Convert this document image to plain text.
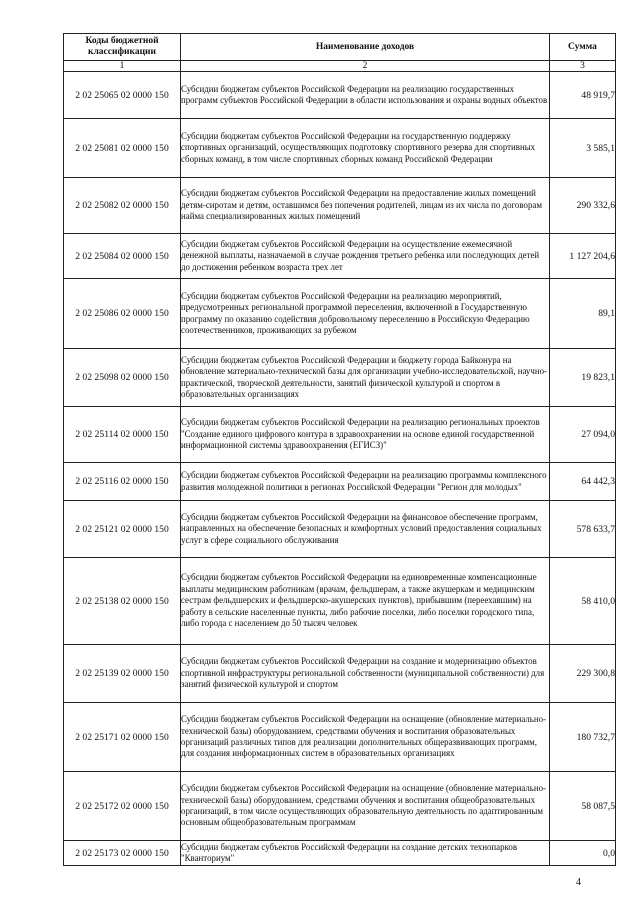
Коды бюджетной классификации	Наименование доходов	Сумма
1	2	3
2 02 25065 02 0000 150	Субсидии бюджетам субъектов Российской Федерации на реализацию государственных программ субъектов Российской Федерации в области использования и охраны водных объектов	48 919,7
2 02 25081 02 0000 150	Субсидии бюджетам субъектов Российской Федерации на государственную поддержку спортивных организаций, осуществляющих подготовку спортивного резерва для спортивных сборных команд, в том числе спортивных сборных команд Российской Федерации	3 585,1
2 02 25082 02 0000 150	Субсидии бюджетам субъектов Российской Федерации на предоставление жилых помещений детям-сиротам и детям, оставшимся без попечения родителей, лицам из их числа по договорам найма специализированных жилых помещений	290 332,6
2 02 25084 02 0000 150	Субсидии бюджетам субъектов Российской Федерации на осуществление ежемесячной денежной выплаты, назначаемой в случае рождения третьего ребенка или последующих детей до достижения ребенком возраста трех лет	1 127 204,6
2 02 25086 02 0000 150	Субсидии бюджетам субъектов Российской Федерации на реализацию мероприятий, предусмотренных региональной программой переселения, включенной в Государственную программу по оказанию содействия добровольному переселению в Российскую Федерацию соотечественников, проживающих за рубежом	89,1
2 02 25098 02 0000 150	Субсидии бюджетам субъектов Российской Федерации и бюджету города Байконура на обновление материально-технической базы для организации учебно-исследовательской, научно-практической, творческой деятельности, занятий физической культурой и спортом в образовательных организациях	19 823,1
2 02 25114 02 0000 150	Субсидии бюджетам субъектов Российской Федерации на реализацию региональных проектов "Создание единого цифрового контура в здравоохранении на основе единой государственной информационной системы здравоохранения (ЕГИСЗ)"	27 094,0
2 02 25116 02 0000 150	Субсидии бюджетам субъектов Российской Федерации на реализацию программы комплексного развития молодежной политики в регионах Российской Федерации "Регион для молодых"	64 442,3
2 02 25121 02 0000 150	Субсидии бюджетам субъектов Российской Федерации на финансовое обеспечение программ, направленных на обеспечение безопасных и комфортных условий предоставления социальных услуг в сфере социального обслуживания	578 633,7
2 02 25138 02 0000 150	Субсидии бюджетам субъектов Российской Федерации на единовременные компенсационные выплаты медицинским работникам (врачам, фельдшерам, а также акушеркам и медицинским сестрам фельдшерских и фельдшерско-акушерских пунктов), прибывшим (переехавшим) на работу в сельские населенные пункты, либо рабочие поселки, либо поселки городского типа, либо города с населением до 50 тысяч человек	58 410,0
2 02 25139 02 0000 150	Субсидии бюджетам субъектов Российской Федерации на создание и модернизацию объектов спортивной инфраструктуры региональной собственности (муниципальной собственности) для занятий физической культурой и спортом	229 300,8
2 02 25171 02 0000 150	Субсидии бюджетам субъектов Российской Федерации на оснащение (обновление материально-технической базы) оборудованием, средствами обучения и воспитания образовательных организаций различных типов для реализации дополнительных общеразвивающих программ, для создания информационных систем в образовательных организациях	180 732,7
2 02 25172 02 0000 150	Субсидии бюджетам субъектов Российской Федерации на оснащение (обновление материально-технической базы) оборудованием, средствами обучения и воспитания общеобразовательных организаций, в том числе осуществляющих образовательную деятельность по адаптированным основным общеобразовательным программам	58 087,5
2 02 25173 02 0000 150	Субсидии бюджетам субъектов Российской Федерации на создание детских технопарков "Кванториум"	0,0
4
